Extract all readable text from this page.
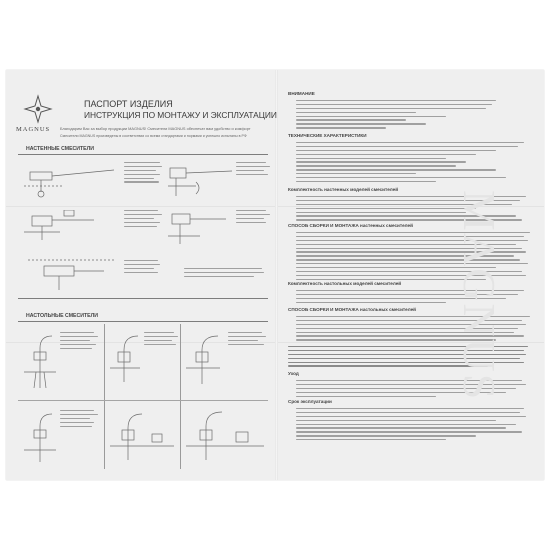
MAGNUS
ПАСПОРТ ИЗДЕЛИЯ
ИНСТРУКЦИЯ ПО МОНТАЖУ И ЭКСПЛУАТАЦИИ
Благодарим Вас за выбор продукции MAGNUS! Смесители MAGNUS обеспечат вам удобство и комфорт
Смесители MAGNUS произведены в соответствии со всеми стандартами и нормами и успешно испытаны в РФ
НАСТЕННЫЕ СМЕСИТЕЛИ
НАСТОЛЬНЫЕ СМЕСИТЕЛИ
ВНИМАНИЕ
ТЕХНИЧЕСКИЕ ХАРАКТЕРИСТИКИ
Комплектность настенных моделей смесителей
СПОСОБ СБОРКИ И МОНТАЖА настенных смесителей
Комплектность настольных моделей смесителей
СПОСОБ СБОРКИ И МОНТАЖА настольных смесителей
Уход
Срок эксплуатации
MAGNUS
